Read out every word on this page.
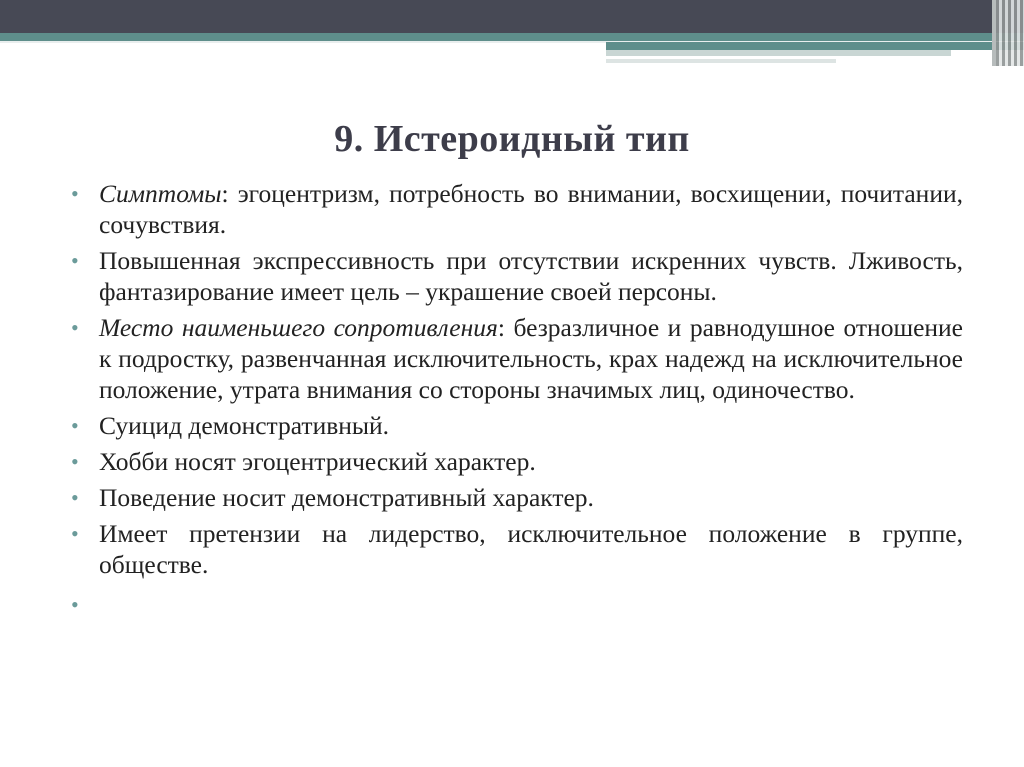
9. Истероидный тип
• Симптомы: эгоцентризм, потребность во внимании, восхищении, почитании, сочувствия.
• Повышенная экспрессивность при отсутствии искренних чувств. Лживость, фантазирование имеет цель – украшение своей персоны.
• Место наименьшего сопротивления: безразличное и равнодушное отношение к подростку, развенчанная исключительность, крах надежд на исключительное положение, утрата внимания со стороны значимых лиц, одиночество.
• Суицид демонстративный.
• Хобби носят эгоцентрический характер.
• Поведение носит демонстративный характер.
• Имеет претензии на лидерство, исключительное положение в группе, обществе.
•
